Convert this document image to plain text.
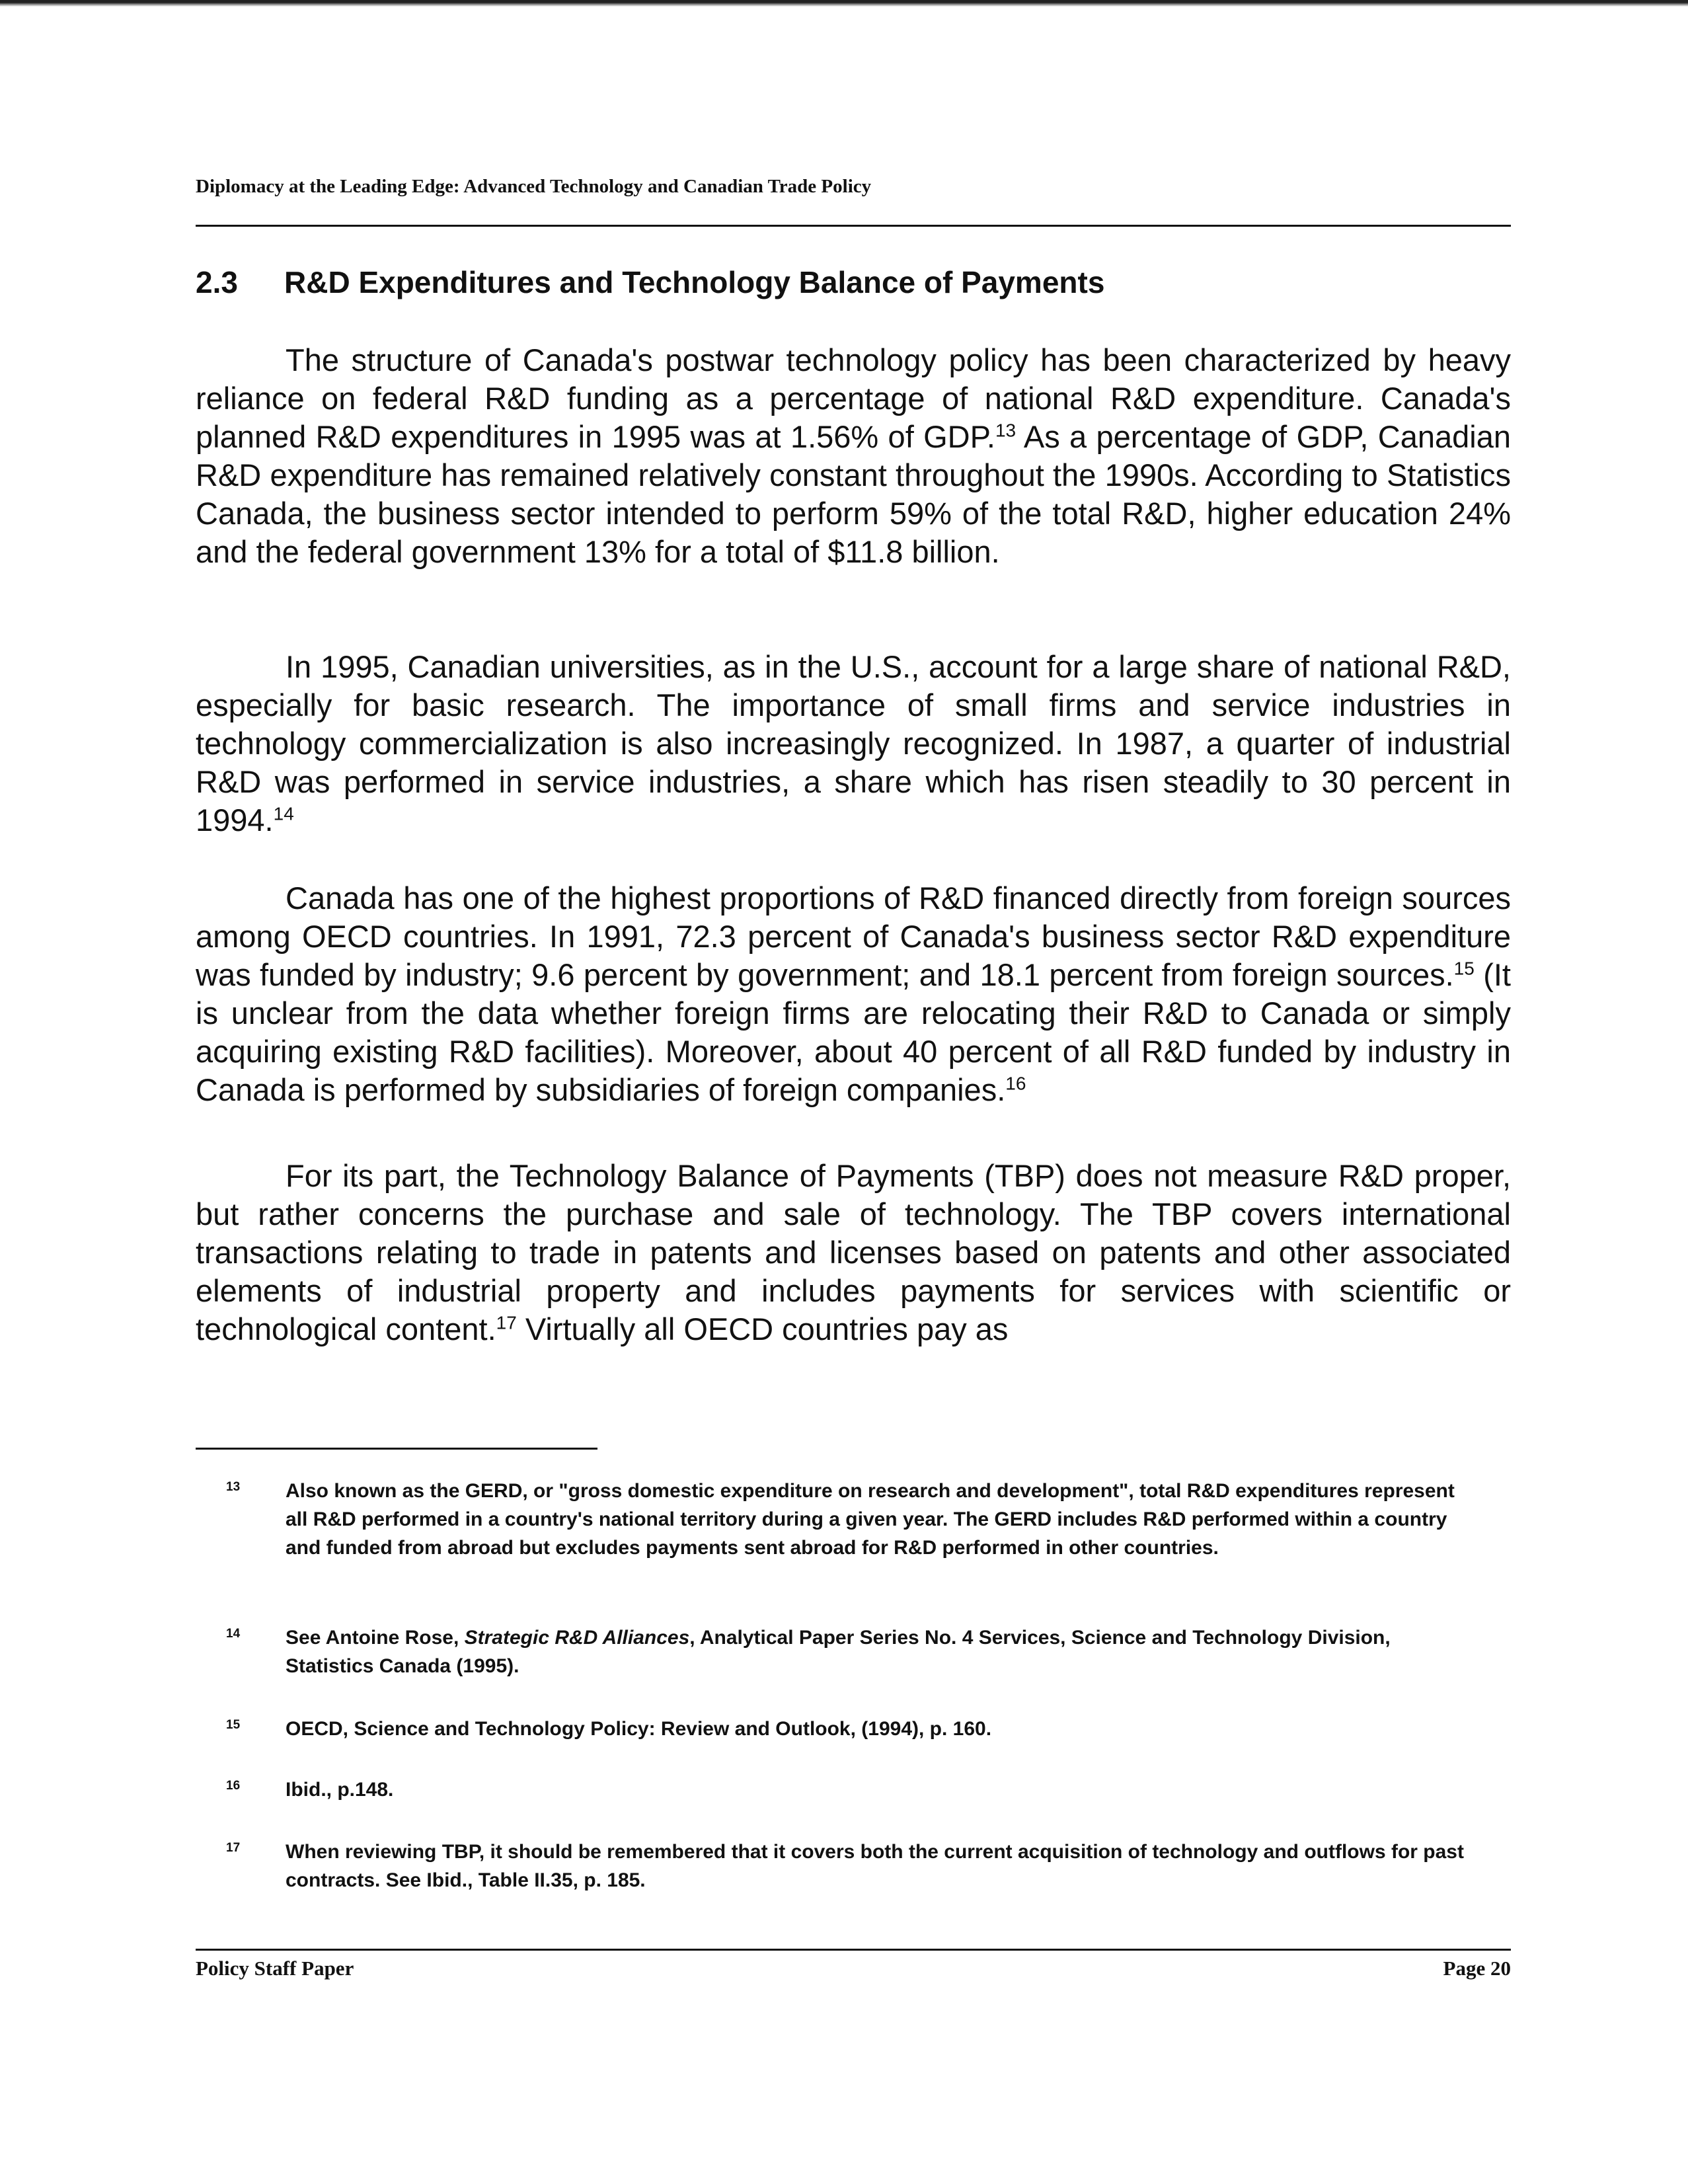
Diplomacy at the Leading Edge: Advanced Technology and Canadian Trade Policy
2.3 R&D Expenditures and Technology Balance of Payments

The structure of Canada's postwar technology policy has been characterized by heavy reliance on federal R&D funding as a percentage of national R&D expenditure. Canada's planned R&D expenditures in 1995 was at 1.56% of GDP.$^{13}$ As a percentage of GDP, Canadian R&D expenditure has remained relatively constant throughout the 1990s. According to Statistics Canada, the business sector intended to perform 59% of the total R&D, higher education 24% and the federal government 13% for a total of $11.8 billion.

In 1995, Canadian universities, as in the U.S., account for a large share of national R&D, especially for basic research. The importance of small firms and service industries in technology commercialization is also increasingly recognized. In 1987, a quarter of industrial R&D was performed in service industries, a share which has risen steadily to 30 percent in 1994.14

Canada has one of the highest proportions of R&D financed directly from foreign sources among OECD countries. In 1991, 72.3 percent of Canada's business sector R&D expenditure was funded by industry; 9.6 percent by government; and 18.1 percent from foreign sources.$^{15}$ (It is unclear from the data whether foreign firms are relocating their R&D to Canada or simply acquiring existing R&D facilities). Moreover, about 40 percent of all R&D funded by industry in Canada is performed by subsidiaries of foreign companies.$^{16}$

For its part, the Technology Balance of Payments (TBP) does not measure R&D proper, but rather concerns the purchase and sale of technology. The TBP covers international transactions relating to trade in patents and licenses based on patents and other associated elements of industrial property and includes payments for services with scientific or technological content.$^{17}$ Virtually all OECD countries pay as

13 Also known as the GERD, or "gross domestic expenditure on research and development", total R&D expenditures represent all R&D performed in a country's national territory during a given year. The GERD includes R&D performed within a country and funded from abroad but excludes payments sent abroad for R&D performed in other countries.
14 See Antoine Rose, Strategic R&D Alliances, Analytical Paper Series No. 4 Services, Science and Technology Division, Statistics Canada (1995).
15 OECD, Science and Technology Policy: Review and Outlook, (1994), p. 160.
16 Ibid., p.148.
17 When reviewing TBP, it should be remembered that it covers both the current acquisition of technology and outflows for past contracts. See Ibid., Table II.35, p. 185.
Policy Staff Paper	Page 20
